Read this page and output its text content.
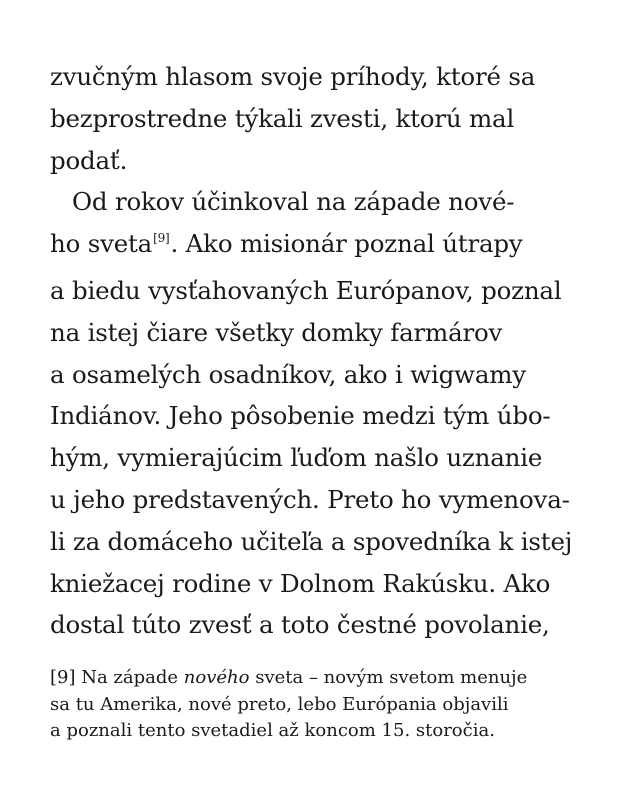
zvučným hlasom svoje príhody, ktoré sa
bezprostredne týkali zvesti, ktorú mal
podať.
Od rokov účinkoval na západe nové-
ho sveta[9]. Ako misionár poznal útrapy
a biedu vysťahovaných Európanov, poznal
na istej čiare všetky domky farmárov
a osamelých osadníkov, ako i wigwamy
Indiánov. Jeho pôsobenie medzi tým úbo-
hým, vymierajúcim ľuďom našlo uznanie
u jeho predstavených. Preto ho vymenova-
li za domáceho učiteľa a spovedníka k istej
kniežacej rodine v Dolnom Rakúsku. Ako
dostal túto zvesť a toto čestné povolanie,
[9] Na západe nového sveta – novým svetom menuje
sa tu Amerika, nové preto, lebo Európania objavili
a poznali tento svetadiel až koncom 15. storočia.
